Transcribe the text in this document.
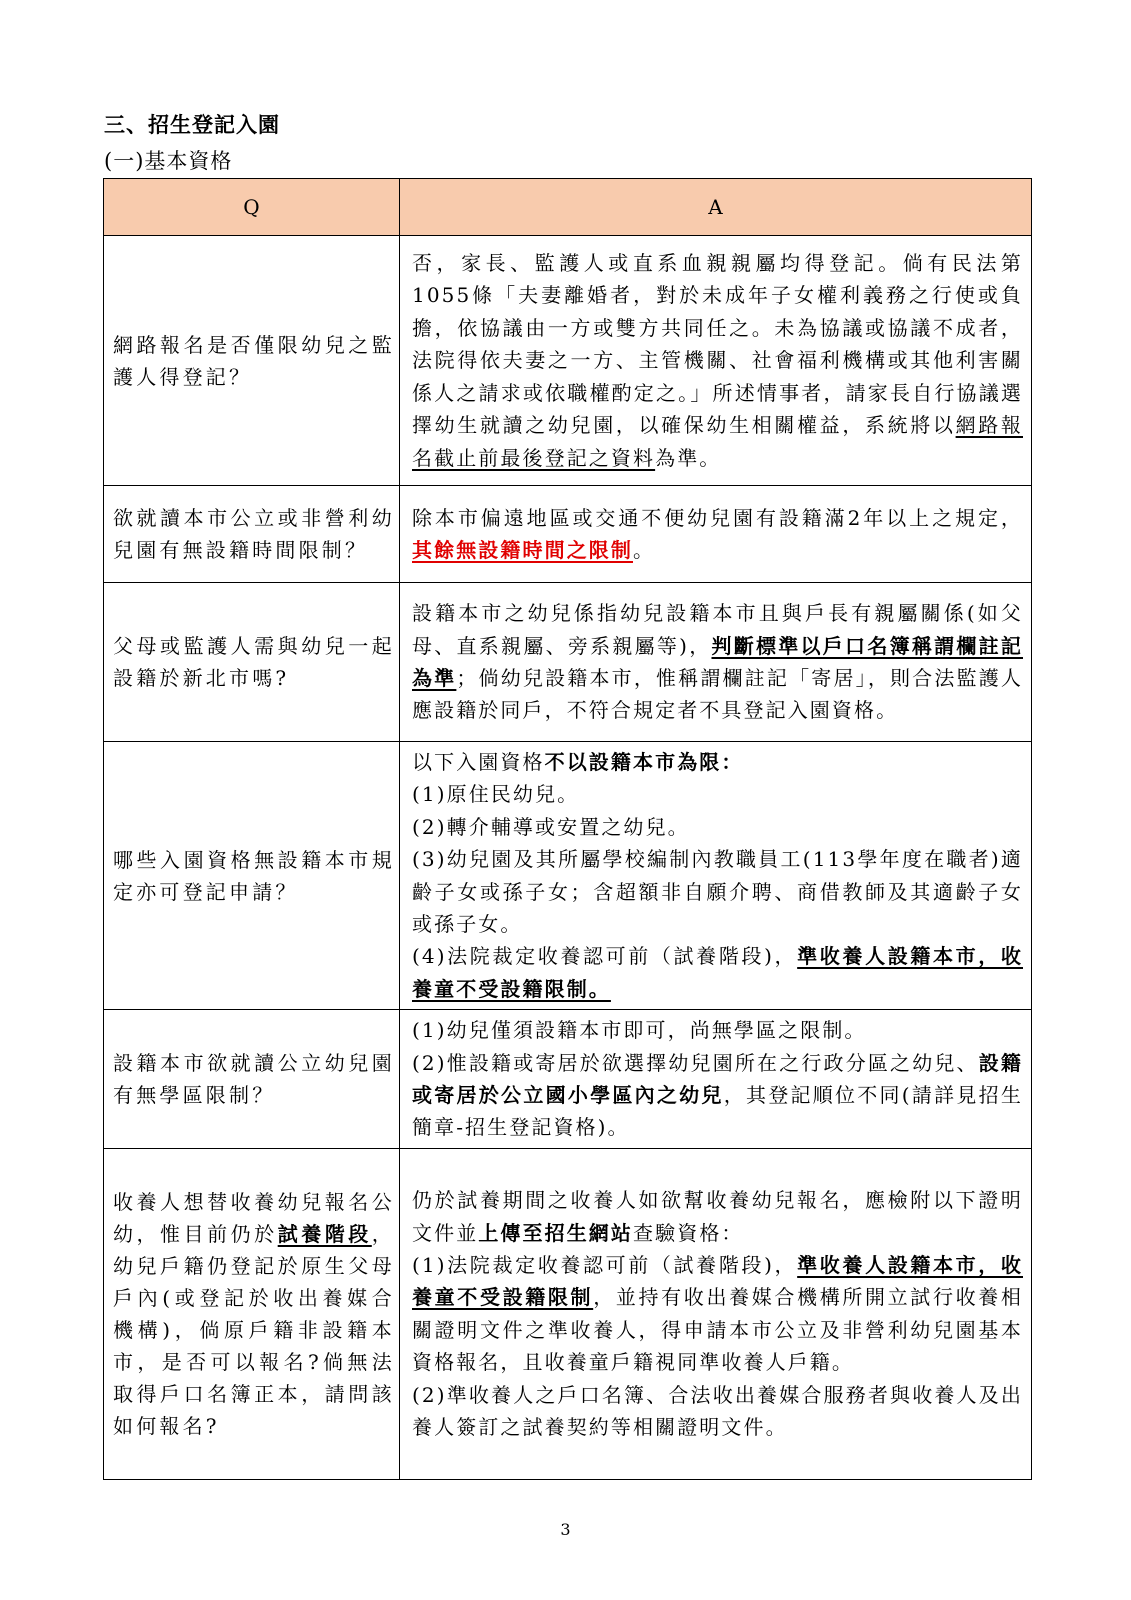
三、招生登記入園
(一)基本資格
Q	A
網路報名是否僅限幼兒之監護人得登記？	否，家長、監護人或直系血親親屬均得登記。倘有民法第1055條「夫妻離婚者，對於未成年子女權利義務之行使或負擔，依協議由一方或雙方共同任之。未為協議或協議不成者，法院得依夫妻之一方、主管機關、社會福利機構或其他利害關係人之請求或依職權酌定之。」所述情事者，請家長自行協議選擇幼生就讀之幼兒園，以確保幼生相關權益，系統將以網路報名截止前最後登記之資料為準。
欲就讀本市公立或非營利幼兒園有無設籍時間限制？	除本市偏遠地區或交通不便幼兒園有設籍滿2年以上之規定，其餘無設籍時間之限制。
父母或監護人需與幼兒一起設籍於新北市嗎?	設籍本市之幼兒係指幼兒設籍本市且與戶長有親屬關係(如父母、直系親屬、旁系親屬等)，判斷標準以戶口名簿稱謂欄註記為準；倘幼兒設籍本市，惟稱謂欄註記「寄居」，則合法監護人應設籍於同戶，不符合規定者不具登記入園資格。
哪些入園資格無設籍本市規定亦可登記申請？	以下入園資格不以設籍本市為限：
(1)原住民幼兒。
(2)轉介輔導或安置之幼兒。
(3)幼兒園及其所屬學校編制內教職員工(113學年度在職者)適齡子女或孫子女；含超額非自願介聘、商借教師及其適齡子女或孫子女。
(4)法院裁定收養認可前（試養階段)，準收養人設籍本市，收養童不受設籍限制。

設籍本市欲就讀公立幼兒園有無學區限制？	(1)幼兒僅須設籍本市即可，尚無學區之限制。
(2)惟設籍或寄居於欲選擇幼兒園所在之行政分區之幼兒、設籍或寄居於公立國小學區內之幼兒，其登記順位不同(請詳見招生簡章-招生登記資格)。

收養人想替收養幼兒報名公幼，惟目前仍於試養階段，幼兒戶籍仍登記於原生父母戶內(或登記於收出養媒合機構)，倘原戶籍非設籍本市，是否可以報名?倘無法取得戶口名簿正本，請問該如何報名?	仍於試養期間之收養人如欲幫收養幼兒報名，應檢附以下證明文件並上傳至招生網站查驗資格：
(1)法院裁定收養認可前（試養階段)，準收養人設籍本市，收養童不受設籍限制，並持有收出養媒合機構所開立試行收養相關證明文件之準收養人，得申請本市公立及非營利幼兒園基本資格報名，且收養童戶籍視同準收養人戶籍。
(2)準收養人之戶口名簿、合法收出養媒合服務者與收養人及出養人簽訂之試養契約等相關證明文件。
3
